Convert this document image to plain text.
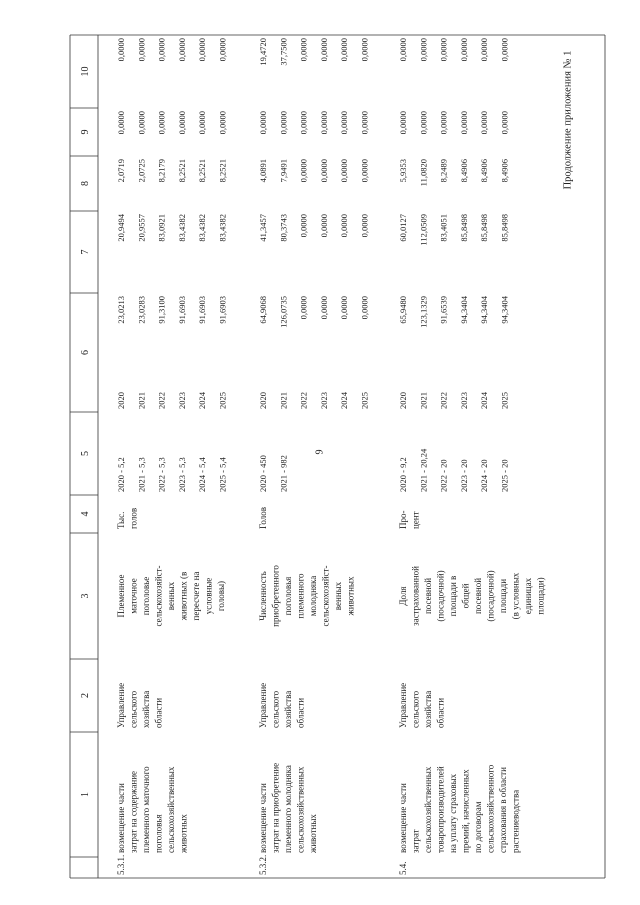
9
Продолжение приложения № 1
1
2
3
4
5
6
7
8
9
10
5.3.1.
возмещение части затрат на содержание племенного маточного поголовья сельскохозяйственных животных
Управление сельского хозяйства области
Племенное маточное поголовье сельскохозяйст- венных животных (в пересчете на условные головы)
Тыс. голов
2020 - 5,2
2020
23,0213
20,9494
2,0719
0,0000
0,0000
2021 - 5,3
2021
23,0283
20,9557
2,0725
0,0000
0,0000
2022 - 5,3
2022
91,3100
83,0921
8,2179
0,0000
0,0000
2023 - 5,3
2023
91,6903
83,4382
8,2521
0,0000
0,0000
2024 - 5,4
2024
91,6903
83,4382
8,2521
0,0000
0,0000
2025 - 5,4
2025
91,6903
83,4382
8,2521
0,0000
0,0000
5.3.2.
возмещение части затрат на приобретение племенного молодняка сельскохозяйственных животных
Управление сельского хозяйства области
Численность приобретенного поголовья племенного молодняка сельскохозяйст- венных животных
Голов
2020 - 450
2020
64,9068
41,3457
4,0891
0,0000
19,4720
2021 - 982
2021
126,0735
80,3743
7,9491
0,0000
37,7500
2022
0,0000
0,0000
0,0000
0,0000
0,0000
2023
0,0000
0,0000
0,0000
0,0000
0,0000
2024
0,0000
0,0000
0,0000
0,0000
0,0000
2025
0,0000
0,0000
0,0000
0,0000
0,0000
5.4.
возмещение части затрат сельскохозяйственных товаропроизводителей на уплату страховых премий, начисленных по договорам сельскохозяйственного страхования в области растениеводства
Управление сельского хозяйства области
Доля застрахованной посевной (посадочной) площади в общей посевной (посадочной) площади (в условных единицах площади)
Про- цент
2020 - 9,2
2020
65,9480
60,0127
5,9353
0,0000
0,0000
2021 - 20,24
2021
123,1329
112,0509
11,0820
0,0000
0,0000
2022 - 20
2022
91,6539
83,4051
8,2489
0,0000
0,0000
2023 - 20
2023
94,3404
85,8498
8,4906
0,0000
0,0000
2024 - 20
2024
94,3404
85,8498
8,4906
0,0000
0,0000
2025 - 20
2025
94,3404
85,8498
8,4906
0,0000
0,0000
